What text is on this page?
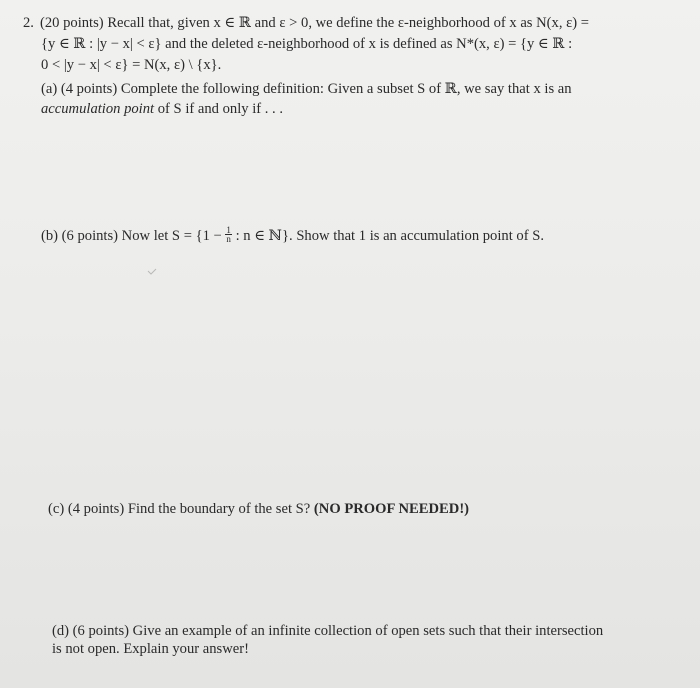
2. (20 points) Recall that, given x ∈ ℝ and ε > 0, we define the ε-neighborhood of x as N(x, ε) =
{y ∈ ℝ : |y − x| < ε} and the deleted ε-neighborhood of x is defined as N*(x, ε) = {y ∈ ℝ :
0 < |y − x| < ε} = N(x, ε) \ {x}.
(a) (4 points) Complete the following definition: Given a subset S of ℝ, we say that x is an
accumulation point of S if and only if . . .
(b) (6 points) Now let $S = \{1 - \frac{1}{n}$ : n ∈ ℕ}. Show that 1 is an accumulation point of S.
(c) (4 points) Find the boundary of the set S? (NO PROOF NEEDED!)
(d) (6 points) Give an example of an infinite collection of open sets such that their intersection
is not open. Explain your answer!
